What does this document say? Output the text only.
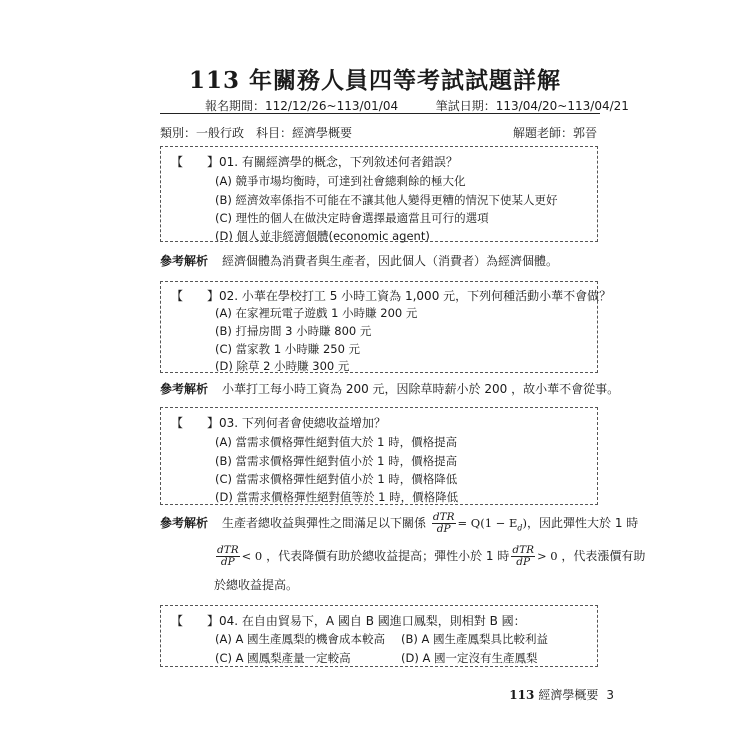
113 年關務人員四等考試試題詳解
報名期間：112/12/26~113/01/04	筆試日期：113/04/20~113/04/21
類別：一般行政　科目：經濟學概要	解題老師：郭晉
【　　】01. 有關經濟學的概念，下列敘述何者錯誤？
(A) 競爭市場均衡時，可達到社會總剩餘的極大化
(B) 經濟效率係指不可能在不讓其他人變得更糟的情況下使某人更好
(C) 理性的個人在做決定時會選擇最適當且可行的選項
(D) 個人並非經濟個體(economic agent)
參考解析 經濟個體為消費者與生產者，因此個人（消費者）為經濟個體。
【　　】02. 小華在學校打工 5 小時工資為 1,000 元，下列何種活動小華不會做？
(A) 在家裡玩電子遊戲 1 小時賺 200 元
(B) 打掃房間 3 小時賺 800 元
(C) 當家教 1 小時賺 250 元
(D) 除草 2 小時賺 300 元
參考解析 小華打工每小時工資為 200 元，因除草時薪小於 200 ，故小華不會從事。
【　　】03. 下列何者會使總收益增加？
(A) 當需求價格彈性絕對值大於 1 時，價格提高
(B) 當需求價格彈性絕對值小於 1 時，價格提高
(C) 當需求價格彈性絕對值小於 1 時，價格降低
(D) 當需求價格彈性絕對值等於 1 時，價格降低
參考解析 生產者總收益與彈性之間滿足以下關係 $\frac{\text{dTR}}{dP} = Q(1 - E_d)$，因此彈性大於 1 時
$\frac{\text{dTR}}{dP} < 0$ ，代表降價有助於總收益提高；彈性小於 1 時 $\frac{\text{dTR}}{dP} > 0$ ，代表漲價有助
於總收益提高。
【　　】04. 在自由貿易下，A 國自 B 國進口鳳梨，則相對 B 國：
(A) A 國生產鳳梨的機會成本較高 (B) A 國生產鳳梨具比較利益
(C) A 國鳳梨產量一定較高	(D) A 國一定沒有生產鳳梨
113 經濟學概要 3
